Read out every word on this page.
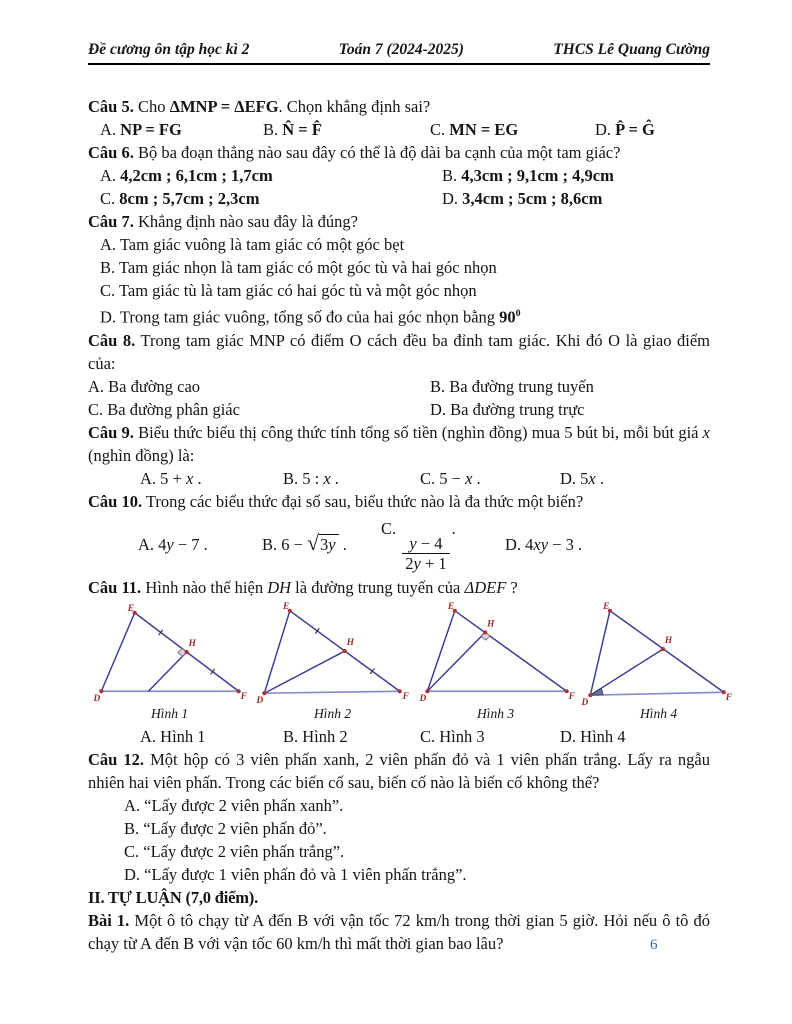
Đề cương ôn tập học kì 2	Toán 7 (2024-2025)	THCS Lê Quang Cường

Câu 5. Cho ΔMNP = ΔEFG. Chọn khẳng định sai?

A. NP = FG	B. N̂ = F̂	C. MN = EG	D. P̂ = Ĝ

Câu 6. Bộ ba đoạn thẳng nào sau đây có thể là độ dài ba cạnh của một tam giác?

A. 4,2cm ; 6,1cm ; 1,7cm	B. 4,3cm ; 9,1cm ; 4,9cm
C. 8cm ; 5,7cm ; 2,3cm	D. 3,4cm ; 5cm ; 8,6cm

Câu 7. Khẳng định nào sau đây là đúng?

A. Tam giác vuông là tam giác có một góc bẹt
B. Tam giác nhọn là tam giác có một góc tù và hai góc nhọn
C. Tam giác tù là tam giác có hai góc tù và một góc nhọn
D. Trong tam giác vuông, tổng số đo của hai góc nhọn bằng $90^0$

Câu 8. Trong tam giác MNP có điểm O cách đều ba đỉnh tam giác. Khi đó O là giao điểm của:

A. Ba đường cao	B. Ba đường trung tuyến
C. Ba đường phân giác	D. Ba đường trung trực

Câu 9. Biểu thức biểu thị công thức tính tổng số tiền (nghìn đồng) mua 5 bút bi, mỗi bút giá x (nghìn đồng) là:

A. 5 + x .	B. 5 : x .	C. 5 − x .	D. 5x .

Câu 10. Trong các biểu thức đại số sau, biểu thức nào là đa thức một biến?

A. 4y − 7 .	B. 6 − √3y .
C.
$\frac{y - 4}{2y + 1}$
.
D. 4xy − 3 .

Câu 11. Hình nào thể hiện DH là đường trung tuyến của ΔDEF ?

E
D	F
H
E
D	F
H
E
D	F
H
E
D	F
H
Hình 1	Hình 2	Hình 3	Hình 4
A. Hình 1	B. Hình 2	C. Hình 3	D. Hình 4

Câu 12. Một hộp có 3 viên phấn xanh, 2 viên phấn đỏ và 1 viên phấn trắng. Lấy ra ngẫu nhiên hai viên phấn. Trong các biến cố sau, biến cố nào là biến cố không thể?

A. “Lấy được 2 viên phấn xanh”.
B. “Lấy được 2 viên phấn đỏ”.
C. “Lấy được 2 viên phấn trắng”.
D. “Lấy được 1 viên phấn đỏ và 1 viên phấn trắng”.

II. TỰ LUẬN (7,0 điểm).

Bài 1. Một ô tô chạy từ A đến B với vận tốc 72 km/h trong thời gian 5 giờ. Hỏi nếu ô tô đó chạy từ A đến B với vận tốc 60 km/h thì mất thời gian bao lâu?	6
